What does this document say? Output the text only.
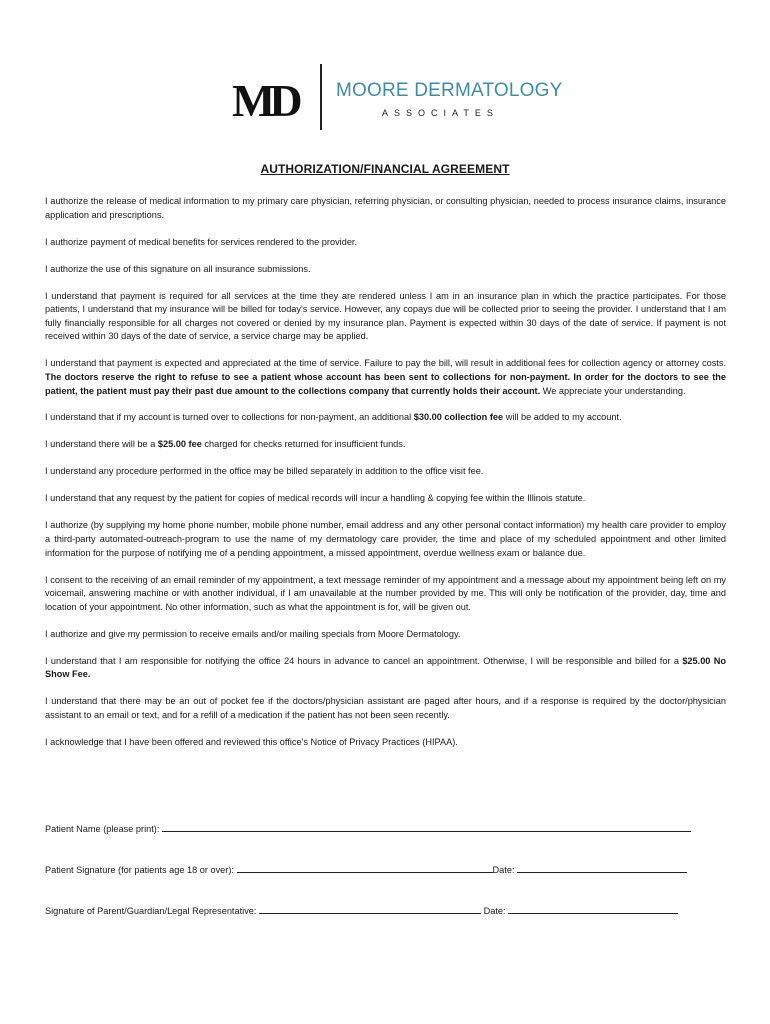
MD MOORE DERMATOLOGY
ASSOCIATES
AUTHORIZATION/FINANCIAL AGREEMENT

I authorize the release of medical information to my primary care physician, referring physician, or consulting physician, needed to process insurance claims, insurance application and prescriptions.

I authorize payment of medical benefits for services rendered to the provider.

I authorize the use of this signature on all insurance submissions.

I understand that payment is required for all services at the time they are rendered unless I am in an insurance plan in which the practice participates. For those patients, I understand that my insurance will be billed for today's service. However, any copays due will be collected prior to seeing the provider. I understand that I am fully financially responsible for all charges not covered or denied by my insurance plan. Payment is expected within 30 days of the date of service. If payment is not received within 30 days of the date of service, a service charge may be applied.

I understand that payment is expected and appreciated at the time of service. Failure to pay the bill, will result in additional fees for collection agency or attorney costs. The doctors reserve the right to refuse to see a patient whose account has been sent to collections for non-payment. In order for the doctors to see the patient, the patient must pay their past due amount to the collections company that currently holds their account. We appreciate your understanding.

I understand that if my account is turned over to collections for non-payment, an additional $30.00 collection fee will be added to my account.

I understand there will be a $25.00 fee charged for checks returned for insufficient funds.

I understand any procedure performed in the office may be billed separately in addition to the office visit fee.

I understand that any request by the patient for copies of medical records will incur a handling & copying fee within the Illinois statute.

I authorize (by supplying my home phone number, mobile phone number, email address and any other personal contact information) my health care provider to employ a third-party automated-outreach-program to use the name of my dermatology care provider, the time and place of my scheduled appointment and other limited information for the purpose of notifying me of a pending appointment, a missed appointment, overdue wellness exam or balance due.

I consent to the receiving of an email reminder of my appointment, a text message reminder of my appointment and a message about my appointment being left on my voicemail, answering machine or with another individual, if I am unavailable at the number provided by me. This will only be notification of the provider, day, time and location of your appointment. No other information, such as what the appointment is for, will be given out.

I authorize and give my permission to receive emails and/or mailing specials from Moore Dermatology.

I understand that I am responsible for notifying the office 24 hours in advance to cancel an appointment. Otherwise, I will be responsible and billed for a $25.00 No Show Fee.

I understand that there may be an out of pocket fee if the doctors/physician assistant are paged after hours, and if a response is required by the doctor/physician assistant to an email or text, and for a refill of a medication if the patient has not been seen recently.

I acknowledge that I have been offered and reviewed this office's Notice of Privacy Practices (HIPAA).

Patient Name (please print):
Patient Signature (for patients age 18 or over):	Date:
Signature of Parent/Guardian/Legal Representative:	Date:
